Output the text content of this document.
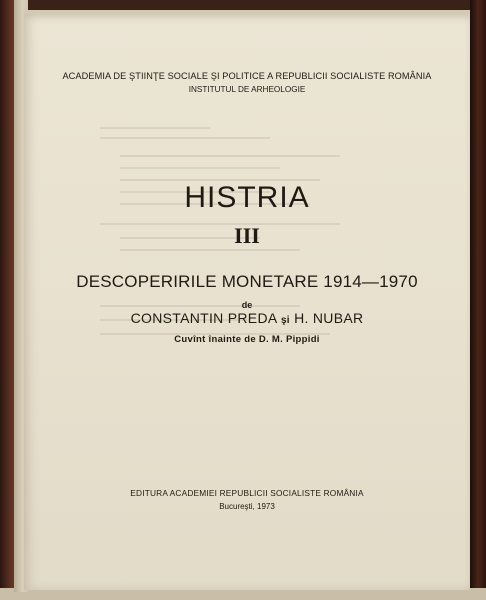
ACADEMIA DE ŞTIINŢE SOCIALE ŞI POLITICE A REPUBLICII SOCIALISTE ROMÂNIA
INSTITUTUL DE ARHEOLOGIE
HISTRIA
III
DESCOPERIRILE MONETARE 1914—1970
de
CONSTANTIN PREDA şi H. NUBAR
Cuvînt înainte de D. M. Pippidi
EDITURA ACADEMIEI REPUBLICII SOCIALISTE ROMÂNIA
Bucureşti, 1973
